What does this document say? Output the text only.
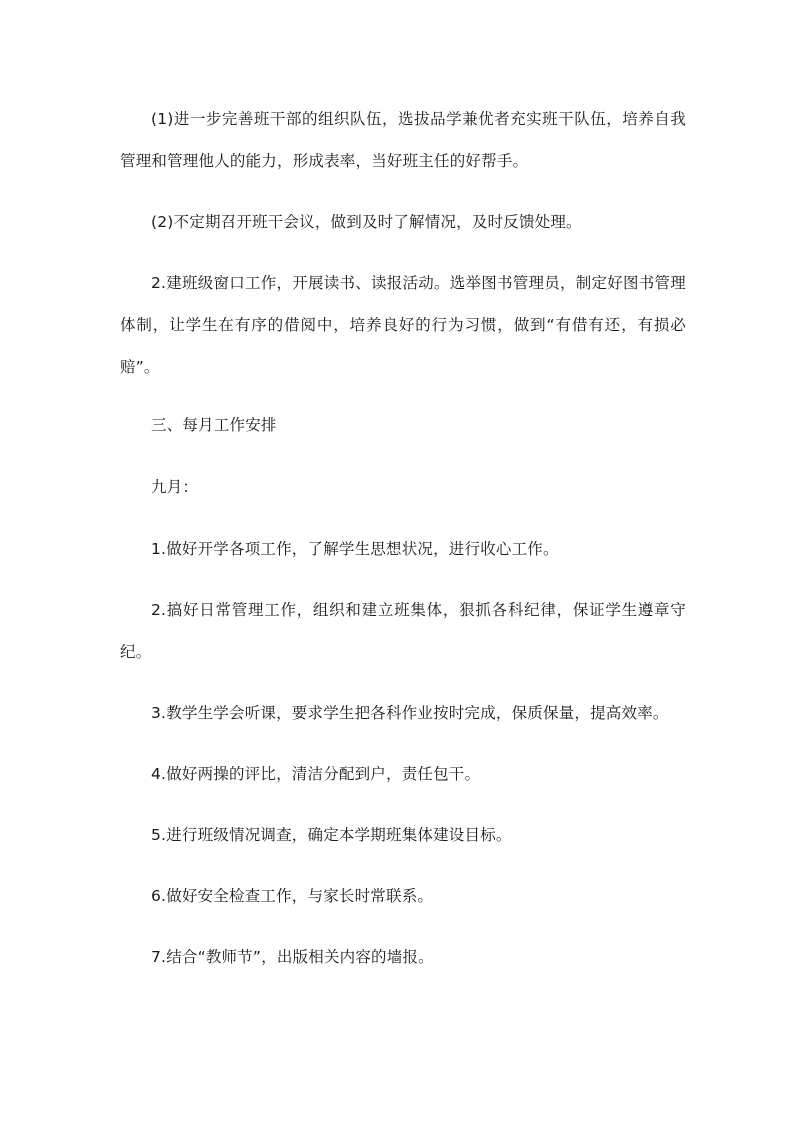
(1)进一步完善班干部的组织队伍，选拔品学兼优者充实班干队伍，培养自我管理和管理他人的能力，形成表率，当好班主任的好帮手。

(2)不定期召开班干会议，做到及时了解情况，及时反馈处理。

2.建班级窗口工作，开展读书、读报活动。选举图书管理员，制定好图书管理体制，让学生在有序的借阅中，培养良好的行为习惯，做到“有借有还，有损必赔”。

三、每月工作安排

九月：

1.做好开学各项工作，了解学生思想状况，进行收心工作。

2.搞好日常管理工作，组织和建立班集体，狠抓各科纪律，保证学生遵章守纪。

3.教学生学会听课，要求学生把各科作业按时完成，保质保量，提高效率。

4.做好两操的评比，清洁分配到户，责任包干。

5.进行班级情况调查，确定本学期班集体建设目标。

6.做好安全检查工作，与家长时常联系。

7.结合“教师节”，出版相关内容的墙报。
